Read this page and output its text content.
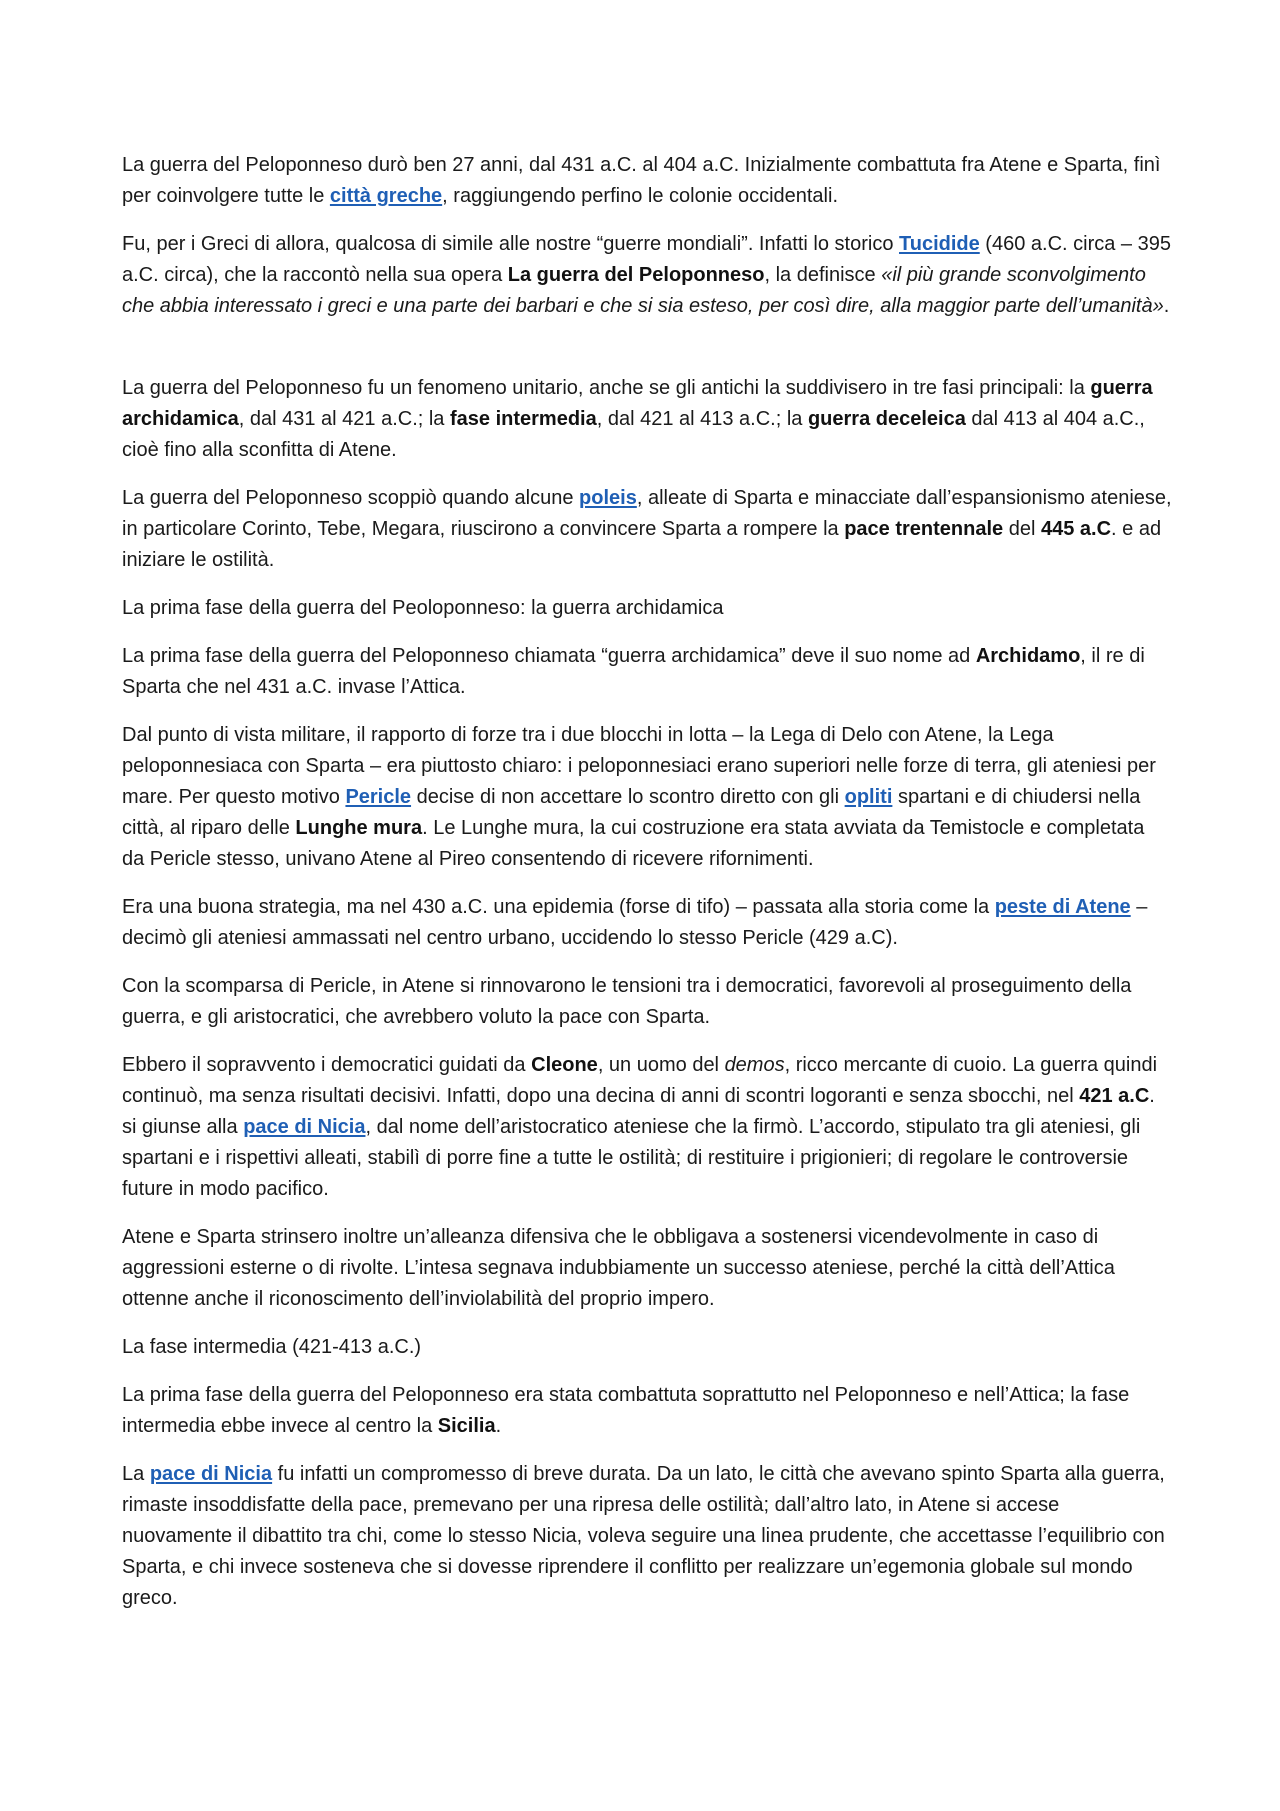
La guerra del Peloponneso durò ben 27 anni, dal 431 a.C. al 404 a.C. Inizialmente combattuta fra Atene e Sparta, finì per coinvolgere tutte le città greche, raggiungendo perfino le colonie occidentali.

Fu, per i Greci di allora, qualcosa di simile alle nostre “guerre mondiali”. Infatti lo storico Tucidide (460 a.C. circa – 395 a.C. circa), che la raccontò nella sua opera La guerra del Peloponneso, la definisce «il più grande sconvolgimento che abbia interessato i greci e una parte dei barbari e che si sia esteso, per così dire, alla maggior parte dell’umanità».

La guerra del Peloponneso fu un fenomeno unitario, anche se gli antichi la suddivisero in tre fasi principali: la guerra archidamica, dal 431 al 421 a.C.; la fase intermedia, dal 421 al 413 a.C.; la guerra deceleica dal 413 al 404 a.C., cioè fino alla sconfitta di Atene.

La guerra del Peloponneso scoppiò quando alcune poleis, alleate di Sparta e minacciate dall’espansionismo ateniese, in particolare Corinto, Tebe, Megara, riuscirono a convincere Sparta a rompere la pace trentennale del 445 a.C. e ad iniziare le ostilità.

La prima fase della guerra del Peoloponneso: la guerra archidamica

La prima fase della guerra del Peloponneso chiamata “guerra archidamica” deve il suo nome ad Archidamo, il re di Sparta che nel 431 a.C. invase l’Attica.

Dal punto di vista militare, il rapporto di forze tra i due blocchi in lotta – la Lega di Delo con Atene, la Lega peloponnesiaca con Sparta – era piuttosto chiaro: i peloponnesiaci erano superiori nelle forze di terra, gli ateniesi per mare. Per questo motivo Pericle decise di non accettare lo scontro diretto con gli opliti spartani e di chiudersi nella città, al riparo delle Lunghe mura. Le Lunghe mura, la cui costruzione era stata avviata da Temistocle e completata da Pericle stesso, univano Atene al Pireo consentendo di ricevere rifornimenti.

Era una buona strategia, ma nel 430 a.C. una epidemia (forse di tifo) – passata alla storia come la peste di Atene – decimò gli ateniesi ammassati nel centro urbano, uccidendo lo stesso Pericle (429 a.C).

Con la scomparsa di Pericle, in Atene si rinnovarono le tensioni tra i democratici, favorevoli al proseguimento della guerra, e gli aristocratici, che avrebbero voluto la pace con Sparta.

Ebbero il sopravvento i democratici guidati da Cleone, un uomo del demos, ricco mercante di cuoio. La guerra quindi continuò, ma senza risultati decisivi. Infatti, dopo una decina di anni di scontri logoranti e senza sbocchi, nel 421 a.C. si giunse alla pace di Nicia, dal nome dell’aristocratico ateniese che la firmò. L’accordo, stipulato tra gli ateniesi, gli spartani e i rispettivi alleati, stabilì di porre fine a tutte le ostilità; di restituire i prigionieri; di regolare le controversie future in modo pacifico.

Atene e Sparta strinsero inoltre un’alleanza difensiva che le obbligava a sostenersi vicendevolmente in caso di aggressioni esterne o di rivolte. L’intesa segnava indubbiamente un successo ateniese, perché la città dell’Attica ottenne anche il riconoscimento dell’inviolabilità del proprio impero.

La fase intermedia (421-413 a.C.)

La prima fase della guerra del Peloponneso era stata combattuta soprattutto nel Peloponneso e nell’Attica; la fase intermedia ebbe invece al centro la Sicilia.

La pace di Nicia fu infatti un compromesso di breve durata. Da un lato, le città che avevano spinto Sparta alla guerra, rimaste insoddisfatte della pace, premevano per una ripresa delle ostilità; dall’altro lato, in Atene si accese nuovamente il dibattito tra chi, come lo stesso Nicia, voleva seguire una linea prudente, che accettasse l’equilibrio con Sparta, e chi invece sosteneva che si dovesse riprendere il conflitto per realizzare un’egemonia globale sul mondo greco.
